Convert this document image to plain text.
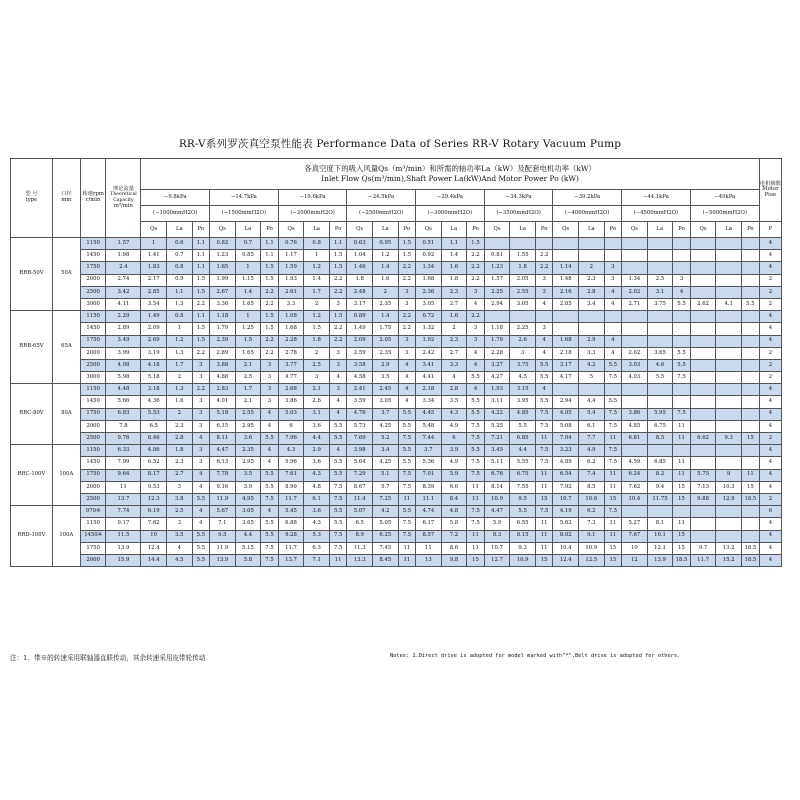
RR-V系列罗茨真空泵性能表 Performance Data of Series RR-V Rotary Vacuum Pump
型 号
type	口径
mm	转速rpm r/min	理论流量
Theoretical Capacity
m³/min	各真空度下的吸入风量Qs（m³/min）和所需的轴功率La（kW）及配套电机功率（kW）
Inlet Flow Qs(m³/min),Shaft Power La(kW)And Motor Power Po (kW)																											电机极数 Motor Pioe
				−9.8kPa			−14.7kPa			−19.6kPa			−24.5kPa			−29.4kPa			−34.3kPa			−39.2kPa			−44.1kPa			−49kPa			
				(−1000mmH2O)			(−1500mmH2O)			(−2000mmH2O)			(−2500mmH2O)			(−3000mmH2O)			(−3500mmH2O)			(−4000mmH2O)			(−4500mmH2O)			(−5000mmH2O)			
				Qs	La	Po	Qs	La	Po	Qs	La	Po	Qs	La	Po	Qs	La	Po	Qs	La	Po	Qs	La	Po	Qs	La	Po	Qs	La	Po	P
RRB-50V	50A	1150	1.57	1	0.6	1.1	0.82	0.7	1.1	0.76	0.8	1.1	0.63	0.95	1.5	0.51	1.1	1.5													4
		1450	1.98	1.41	0.7	1.1	1.23	0.85	1.1	1.17	1	1.5	1.04	1.2	1.5	0.92	1.4	2.2	0.81	1.55	2.2										4
		1750	2.4	1.83	0.8	1.1	1.65	1	1.5	1.59	1.2	1.5	1.46	1.4	2.2	1.34	1.6	2.2	1.23	1.8	2.2	1.14	2	3							4
		2000	2.74	2.17	0.9	1.5	1.99	1.15	1.5	1.93	1.4	2.2	1.8	1.6	2.2	1.68	1.8	2.2	1.57	2.05	3	1.48	2.3	3	1.34	2.5	3				2
		2500	3.42	2.85	1.1	1.5	2.67	1.4	2.2	2.61	1.7	2.2	2.48	2	3	2.36	2.3	3	2.25	2.55	3	2.16	2.8	4	2.02	3.1	4				2
		3000	4.11	3.54	1.3	2.2	3.36	1.65	2.2	3.3	2	3	3.17	2.35	3	3.05	2.7	4	2.94	3.05	4	2.85	3.4	4	2.71	3.75	5.5	2.62	4.1	5.5	2
RRB-65V	65A	1150	2.29	1.49	0.8	1.1	1.18	1	1.5	1.08	1.2	1.5	0.89	1.4	2.2	0.72	1.6	2.2													4
		1450	2.89	2.09	1	1.5	1.79	1.25	1.5	1.68	1.5	2.2	1.49	1.75	2.2	1.32	2	3	1.18	2.25	3										4
		1750	3.49	2.69	1.2	1.5	2.39	1.5	2.2	2.28	1.8	2.2	2.09	2.05	3	1.92	2.3	3	1.78	2.6	4	1.68	2.9	4							4
		2000	3.99	3.19	1.3	2.2	2.89	1.65	2.2	2.78	2	3	2.59	2.35	3	2.42	2.7	4	2.28	3	4	2.18	3.3	4	2.02	3.65	5.5				2
		2500	4.98	4.18	1.7	3	3.88	2.1	3	3.77	2.5	3	3.58	2.9	4	3.41	3.3	4	3.27	3.75	5.5	3.17	4.2	5.5	3.03	4.6	5.5				2
		3000	5.98	5.18	2	3	4.88	2.5	3	4.77	3	4	4.58	3.5	4	4.41	4	5.5	4.27	4.5	5.5	4.17	5	7.5	4.03	5.5	7.5				2
RRC-80V	80A	1150	4.48	3.18	1.3	2.2	2.83	1.7	3	2.68	2.1	3	2.41	2.45	4	2.18	2.8	4	1.93	3.15	4										4
		1450	5.66	4.36	1.6	3	4.01	2.1	3	3.86	2.6	4	3.59	3.05	4	3.34	3.5	5.5	3.11	3.95	5.5	2.94	4.4	5.5							4
		1750	6.83	5.53	2	3	5.18	2.55	4	5.03	3.1	4	4.76	3.7	5.5	4.45	4.3	5.5	4.22	4.85	7.5	4.05	5.4	7.5	3.86	5.95	7.5				4
		2000	7.8	6.5	2.3	3	6.15	2.95	4	6	3.6	5.5	5.73	4.25	5.5	5.48	4.9	7.5	5.25	5.5	7.5	5.08	6.1	7.5	4.85	6.75	11				4
		2500	9.76	8.46	2.8	4	8.11	3.6	5.5	7.96	4.4	5.5	7.69	5.2	7.5	7.44	6	7.5	7.21	6.85	11	7.04	7.7	11	6.81	8.5	11	6.62	9.3	15	2
RRC-100V	100A	1150	6.33	4.86	1.8	3	4.47	2.35	4	4.3	2.9	4	3.98	3.4	5.5	3.7	3.9	5.5	3.45	4.4	7.5	3.23	4.9	7.5							4
		1450	7.99	6.52	2.3	3	6.13	2.95	4	5.96	3.6	5.5	5.64	4.25	5.5	5.36	4.9	7.5	5.11	5.55	7.5	4.89	6.2	7.5	4.59	6.85	11				4
		1750	9.64	8.17	2.7	4	7.78	3.5	5.5	7.61	4.3	5.5	7.29	5.1	7.5	7.01	5.9	7.5	6.76	6.75	11	6.54	7.4	11	6.24	8.2	11	5.75	9	11	4
		2000	11	9.53	3	4	9.16	3.9	5.5	8.99	4.8	7.5	8.67	5.7	7.5	8.39	6.6	11	8.14	7.55	11	7.92	8.5	11	7.62	9.4	15	7.13	10.3	15	4
		2500	13.7	12.3	3.8	5.5	11.9	4.95	7.5	11.7	6.1	7.5	11.4	7.25	11	11.1	8.4	11	10.9	9.5	15	10.7	10.6	15	10.4	11.75	15	9.88	12.9	18.5	2
RRD-100V	100A	970※	7.74	6.19	2.5	4	5.67	3.05	4	5.45	3.6	5.5	5.07	4.2	5.5	4.74	4.8	7.5	4.47	5.5	7.5	4.19	6.2	7.5							6
		1150	9.17	7.62	3	4	7.1	3.65	5.5	6.88	4.3	5.5	6.5	5.05	7.5	6.17	5.8	7.5	5.9	6.55	11	5.62	7.3	11	5.27	8.1	11				4
		1450※	11.5	10	3.5	5.5	9.5	4.4	5.5	9.28	5.3	7.5	8.9	6.25	7.5	8.57	7.2	11	8.3	8.15	11	8.02	9.1	11	7.67	10.1	15				4
		1750	13.9	12.4	4	5.5	11.9	5.15	7.5	11.7	6.3	7.5	11.3	7.45	11	11	8.6	11	10.7	9.3	11	10.4	10.9	15	10	12.1	15	9.7	13.2	18.5	4
		2000	15.9	14.4	4.5	5.5	13.9	5.8	7.5	13.7	7.1	11	13.3	8.45	11	13	9.8	15	12.7	10.9	15	12.4	12.5	15	12	13.9	18.5	11.7	15.2	18.5	4
注：1、带※的转速采用联轴器直联传动，其余转速采用皮带轮传动	Notes: 1.Direct drive is adopted for model marked with"*",Belt drive is adopted for others.
